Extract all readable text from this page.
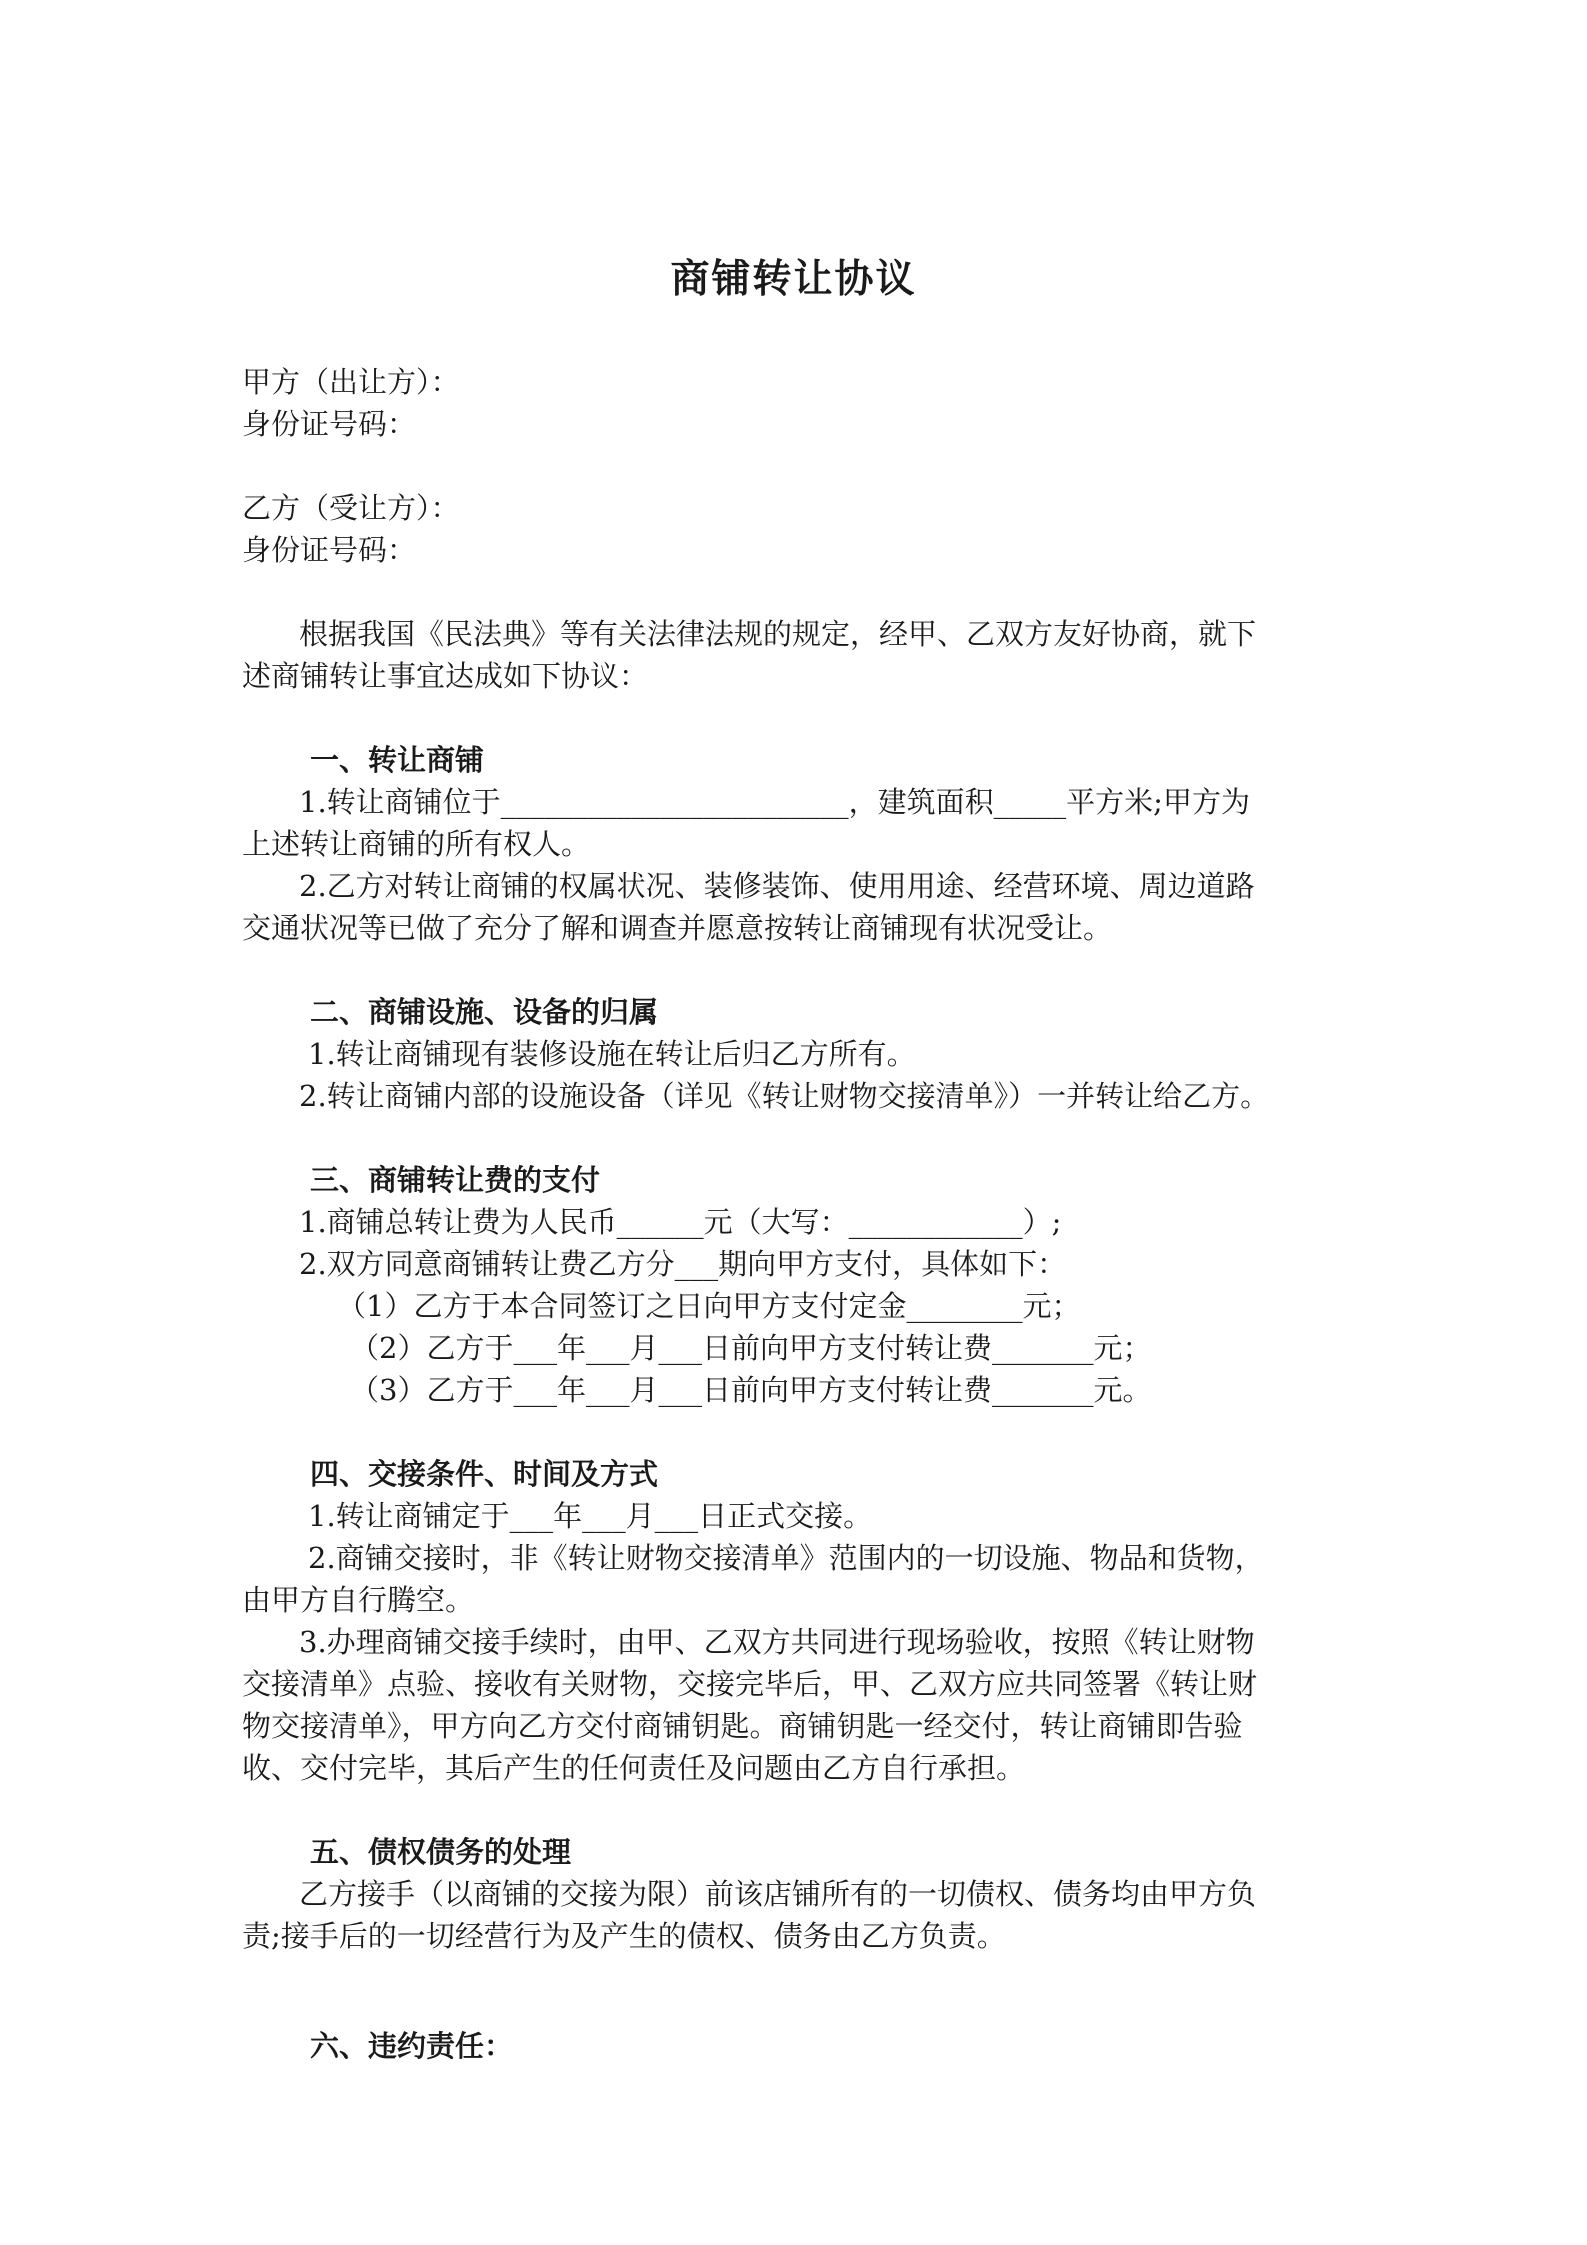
商铺转让协议
甲方（出让方）：
身份证号码：
乙方（受让方）：
身份证号码：
根据我国《民法典》等有关法律法规的规定，经甲、乙双方友好协商，就下
述商铺转让事宜达成如下协议：
一、转让商铺
1.转让商铺位于________________________，建筑面积_____平方米;甲方为
上述转让商铺的所有权人。
2.乙方对转让商铺的权属状况、装修装饰、使用用途、经营环境、周边道路
交通状况等已做了充分了解和调查并愿意按转让商铺现有状况受让。
二、商铺设施、设备的归属
1.转让商铺现有装修设施在转让后归乙方所有。
2.转让商铺内部的设施设备（详见《转让财物交接清单》）一并转让给乙方。
三、商铺转让费的支付
1.商铺总转让费为人民币______元（大写：____________）;
2.双方同意商铺转让费乙方分___期向甲方支付，具体如下：
（1）乙方于本合同签订之日向甲方支付定金________元；
（2）乙方于___年___月___日前向甲方支付转让费_______元；
（3）乙方于___年___月___日前向甲方支付转让费_______元。
四、交接条件、时间及方式
1.转让商铺定于___年___月___日正式交接。
2.商铺交接时，非《转让财物交接清单》范围内的一切设施、物品和货物，
由甲方自行腾空。
3.办理商铺交接手续时，由甲、乙双方共同进行现场验收，按照《转让财物
交接清单》点验、接收有关财物，交接完毕后，甲、乙双方应共同签署《转让财
物交接清单》，甲方向乙方交付商铺钥匙。商铺钥匙一经交付，转让商铺即告验
收、交付完毕，其后产生的任何责任及问题由乙方自行承担。
五、债权债务的处理
乙方接手（以商铺的交接为限）前该店铺所有的一切债权、债务均由甲方负
责;接手后的一切经营行为及产生的债权、债务由乙方负责。
六、违约责任：
